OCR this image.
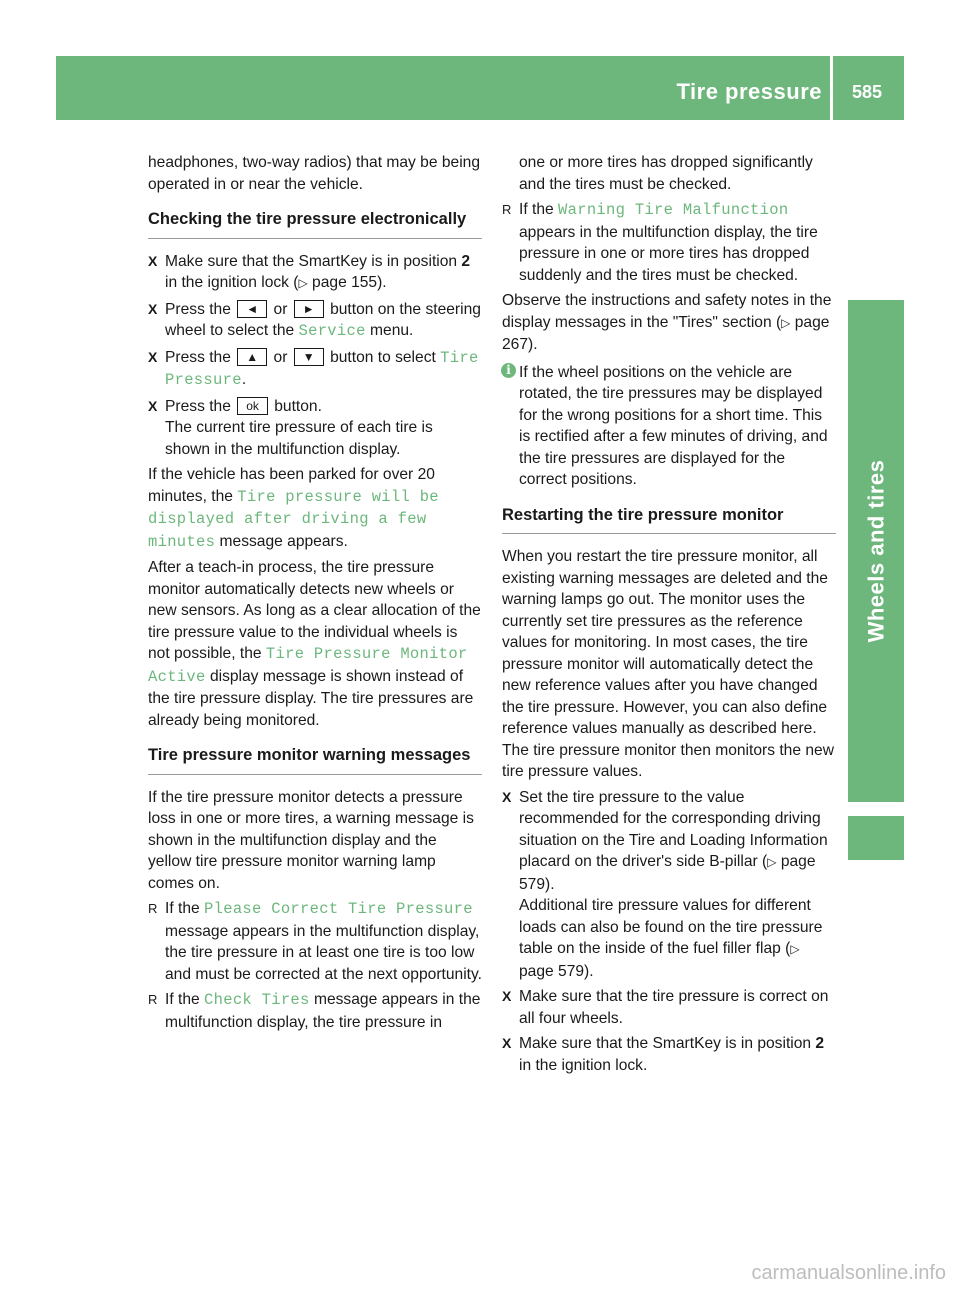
Tire pressure 585
Wheels and tires

headphones, two-way radios) that may be being operated in or near the vehicle.

Checking the tire pressure electronically
X Make sure that the SmartKey is in position 2 in the ignition lock (▷ page 155).
X Press the ◄ or ► button on the steering wheel to select the Service menu.
X Press the ▲ or ▼ button to select Tire Pressure.
X Press the ok button.
The current tire pressure of each tire is shown in the multifunction display.

If the vehicle has been parked for over 20 minutes, the Tire pressure will be displayed after driving a few minutes message appears.

After a teach-in process, the tire pressure monitor automatically detects new wheels or new sensors. As long as a clear allocation of the tire pressure value to the individual wheels is not possible, the Tire Pressure Monitor Active display message is shown instead of the tire pressure display. The tire pressures are already being monitored.

Tire pressure monitor warning messages

If the tire pressure monitor detects a pressure loss in one or more tires, a warning message is shown in the multifunction display and the yellow tire pressure monitor warning lamp comes on.

R If the Please Correct Tire Pressure message appears in the multifunction display, the tire pressure in at least one tire is too low and must be corrected at the next opportunity.
R If the Check Tires message appears in the multifunction display, the tire pressure in

one or more tires has dropped significantly and the tires must be checked.

R If the Warning Tire Malfunction appears in the multifunction display, the tire pressure in one or more tires has dropped suddenly and the tires must be checked.

Observe the instructions and safety notes in the display messages in the "Tires" section (▷ page 267).

i If the wheel positions on the vehicle are rotated, the tire pressures may be displayed for the wrong positions for a short time. This is rectified after a few minutes of driving, and the tire pressures are displayed for the correct positions.
Restarting the tire pressure monitor

When you restart the tire pressure monitor, all existing warning messages are deleted and the warning lamps go out. The monitor uses the currently set tire pressures as the reference values for monitoring. In most cases, the tire pressure monitor will automatically detect the new reference values after you have changed the tire pressure. However, you can also define reference values manually as described here. The tire pressure monitor then monitors the new tire pressure values.

X Set the tire pressure to the value recommended for the corresponding driving situation on the Tire and Loading Information placard on the driver's side B-pillar (▷ page 579).
Additional tire pressure values for different loads can also be found on the tire pressure table on the inside of the fuel filler flap (▷ page 579).
X Make sure that the tire pressure is correct on all four wheels.
X Make sure that the SmartKey is in position 2 in the ignition lock.
carmanualsonline.info
